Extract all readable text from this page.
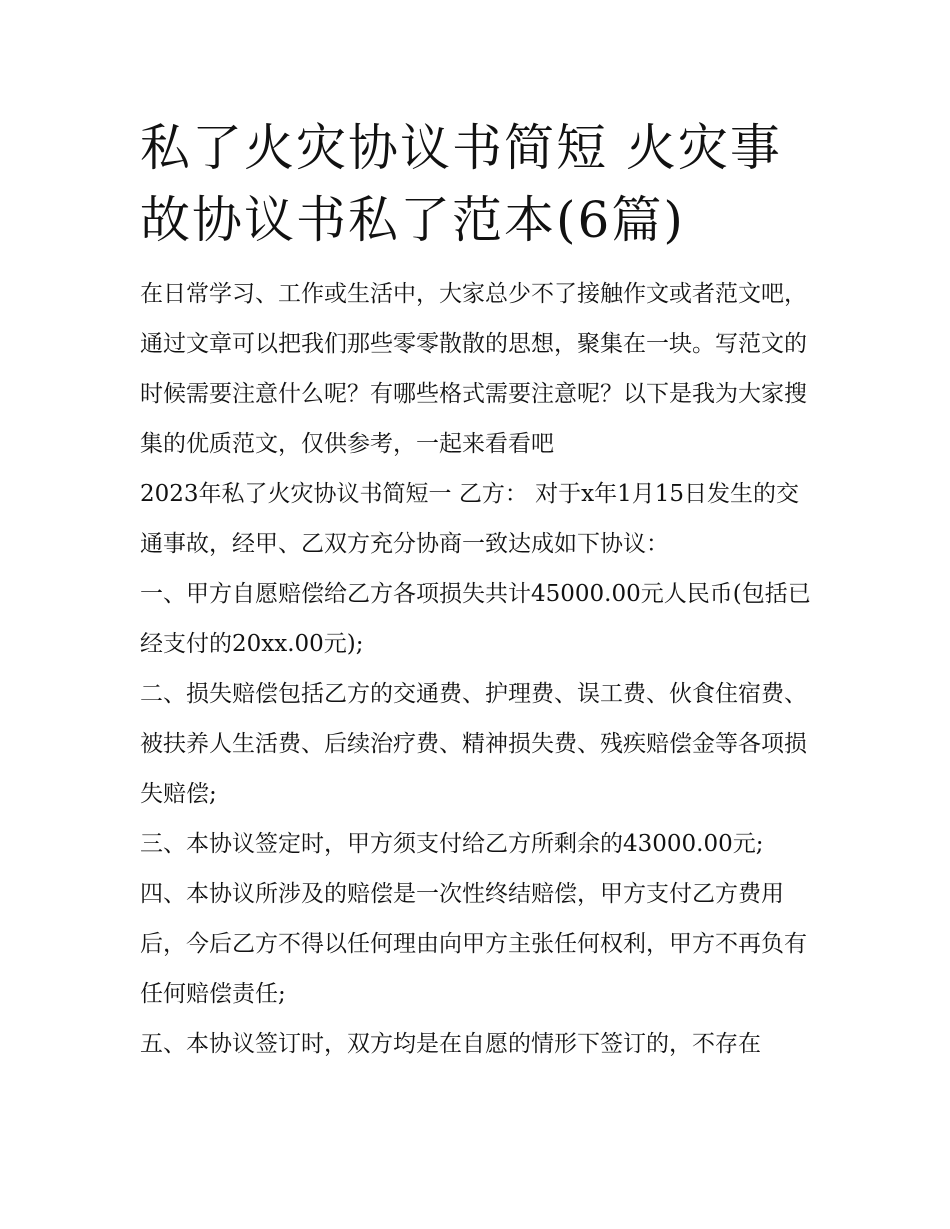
私了火灾协议书简短 火灾事故协议书私了范本(6篇)

在日常学习、工作或生活中，大家总少不了接触作文或者范文吧，通过文章可以把我们那些零零散散的思想，聚集在一块。写范文的时候需要注意什么呢？有哪些格式需要注意呢？以下是我为大家搜集的优质范文，仅供参考，一起来看看吧

2023年私了火灾协议书简短一 乙方： 对于x年1月15日发生的交通事故，经甲、乙双方充分协商一致达成如下协议：

一、甲方自愿赔偿给乙方各项损失共计45000.00元人民币(包括已经支付的20xx.00元);

二、损失赔偿包括乙方的交通费、护理费、误工费、伙食住宿费、被扶养人生活费、后续治疗费、精神损失费、残疾赔偿金等各项损失赔偿;

三、本协议签定时，甲方须支付给乙方所剩余的43000.00元;

四、本协议所涉及的赔偿是一次性终结赔偿，甲方支付乙方费用后，今后乙方不得以任何理由向甲方主张任何权利，甲方不再负有任何赔偿责任;

五、本协议签订时，双方均是在自愿的情形下签订的，不存在
